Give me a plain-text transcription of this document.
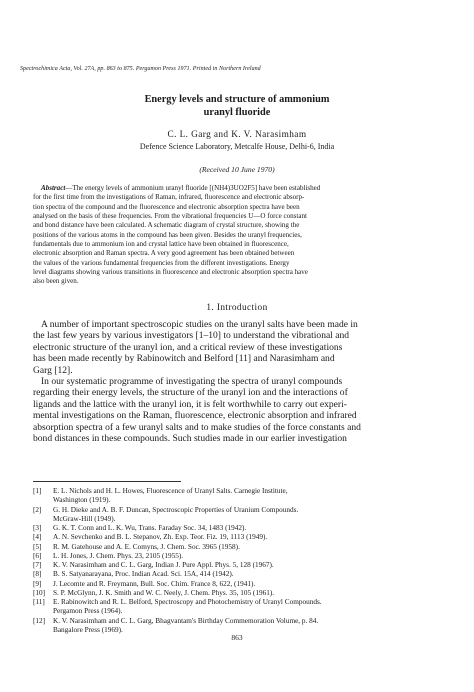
Spectrochimica Acta, Vol. 27A, pp. 863 to 875. Pergamon Press 1971. Printed in Northern Ireland
Energy levels and structure of ammonium
uranyl fluoride
C. L. Garg and K. V. Narasimham
Defence Science Laboratory, Metcalfe House, Delhi-6, India
(Received 10 June 1970)
Abstract—The energy levels of ammonium uranyl fluoride [(NH4)3UO2F5] have been established
for the first time from the investigations of Raman, infrared, fluorescence and electronic absorp-
tion spectra of the compound and the fluorescence and electronic absorption spectra have been
analysed on the basis of these frequencies. From the vibrational frequencies U—O force constant
and bond distance have been calculated. A schematic diagram of crystal structure, showing the
positions of the various atoms in the compound has been given. Besides the uranyl frequencies,
fundamentals due to ammonium ion and crystal lattice have been obtained in fluorescence,
electronic absorption and Raman spectra. A very good agreement has been obtained between
the values of the various fundamental frequencies from the different investigations. Energy
level diagrams showing various transitions in fluorescence and electronic absorption spectra have
also been given.
1. Introduction
A number of important spectroscopic studies on the uranyl salts have been made in
the last few years by various investigators [1–10] to understand the vibrational and
electronic structure of the uranyl ion, and a critical review of these investigations
has been made recently by Rabinowitch and Belford [11] and Narasimham and
Garg [12].
In our systematic programme of investigating the spectra of uranyl compounds
regarding their energy levels, the structure of the uranyl ion and the interactions of
ligands and the lattice with the uranyl ion, it is felt worthwhile to carry out experi-
mental investigations on the Raman, fluorescence, electronic absorption and infrared
absorption spectra of a few uranyl salts and to make studies of the force constants and
bond distances in these compounds. Such studies made in our earlier investigation
[1]	E. L. Nichols and H. L. Howes, Fluorescence of Uranyl Salts. Carnegie Institute,
Washington (1919).
[2]	G. H. Dieke and A. B. F. Duncan, Spectroscopic Properties of Uranium Compounds.
McGraw-Hill (1949).
[3]	G. K. T. Conn and L. K. Wu, Trans. Faraday Soc. 34, 1483 (1942).
[4]	A. N. Sevchenko and B. L. Stepanov, Zh. Exp. Teor. Fiz. 19, 1113 (1949).
[5]	R. M. Gatehouse and A. E. Comyns, J. Chem. Soc. 3965 (1958).
[6]	L. H. Jones, J. Chem. Phys. 23, 2105 (1955).
[7]	K. V. Narasimham and C. L. Garg, Indian J. Pure Appl. Phys. 5, 128 (1967).
[8]	B. S. Satyanarayana, Proc. Indian Acad. Sci. 15A, 414 (1942).
[9]	J. Lecomte and R. Freymann, Bull. Soc. Chim. France 8, 622, (1941).
[10]	S. P. McGlynn, J. K. Smith and W. C. Neely, J. Chem. Phys. 35, 105 (1961).
[11]	E. Rabinowitch and R. L. Belford, Spectroscopy and Photochemistry of Uranyl Compounds.
Pergamon Press (1964).
[12]	K. V. Narasimham and C. L. Garg, Bhagvantam's Birthday Commemoration Volume, p. 84.
Bangalore Press (1969).
863
